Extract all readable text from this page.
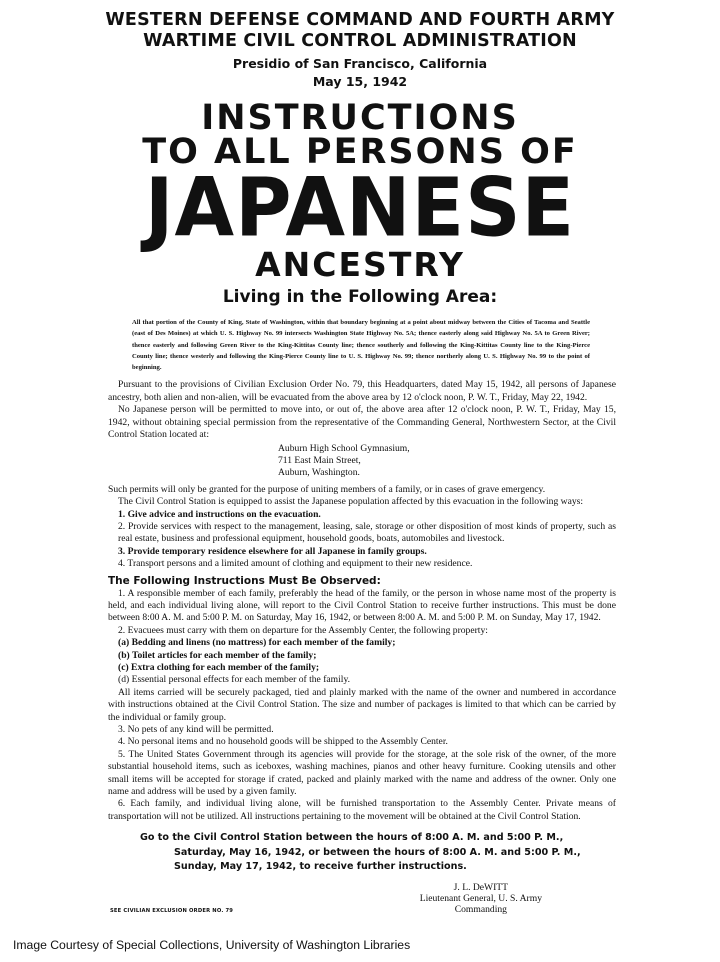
WESTERN DEFENSE COMMAND AND FOURTH ARMY
WARTIME CIVIL CONTROL ADMINISTRATION
Presidio of San Francisco, California
May 15, 1942
INSTRUCTIONS
TO ALL PERSONS OF
JAPANESE
ANCESTRY
Living in the Following Area:
All that portion of the County of King, State of Washington, within that boundary beginning at a point about midway between the Cities of Tacoma and Seattle (east of Des Moines) at which U. S. Highway No. 99 intersects Washington State Highway No. 5A; thence easterly along said Highway No. 5A to Green River; thence easterly and following Green River to the King-Kittitas County line; thence southerly and following the King-Kittitas County line to the King-Pierce County line; thence westerly and following the King-Pierce County line to U. S. Highway No. 99; thence northerly along U. S. Highway No. 99 to the point of beginning.

Pursuant to the provisions of Civilian Exclusion Order No. 79, this Headquarters, dated May 15, 1942, all persons of Japanese ancestry, both alien and non-alien, will be evacuated from the above area by 12 o'clock noon, P. W. T., Friday, May 22, 1942.

No Japanese person will be permitted to move into, or out of, the above area after 12 o'clock noon, P. W. T., Friday, May 15, 1942, without obtaining special permission from the representative of the Commanding General, Northwestern Sector, at the Civil Control Station located at:

Auburn High School Gymnasium,
711 East Main Street,
Auburn, Washington.

Such permits will only be granted for the purpose of uniting members of a family, or in cases of grave emergency.

The Civil Control Station is equipped to assist the Japanese population affected by this evacuation in the following ways:

1. Give advice and instructions on the evacuation.
2. Provide services with respect to the management, leasing, sale, storage or other disposition of most kinds of property, such as real estate, business and professional equipment, household goods, boats, automobiles and livestock.
3. Provide temporary residence elsewhere for all Japanese in family groups.
4. Transport persons and a limited amount of clothing and equipment to their new residence.
The Following Instructions Must Be Observed:

1. A responsible member of each family, preferably the head of the family, or the person in whose name most of the property is held, and each individual living alone, will report to the Civil Control Station to receive further instructions. This must be done between 8:00 A. M. and 5:00 P. M. on Saturday, May 16, 1942, or between 8:00 A. M. and 5:00 P. M. on Sunday, May 17, 1942.

2. Evacuees must carry with them on departure for the Assembly Center, the following property:

(a) Bedding and linens (no mattress) for each member of the family;
(b) Toilet articles for each member of the family;
(c) Extra clothing for each member of the family;
(d) Essential personal effects for each member of the family.

All items carried will be securely packaged, tied and plainly marked with the name of the owner and numbered in accordance with instructions obtained at the Civil Control Station. The size and number of packages is limited to that which can be carried by the individual or family group.

3. No pets of any kind will be permitted.

4. No personal items and no household goods will be shipped to the Assembly Center.

5. The United States Government through its agencies will provide for the storage, at the sole risk of the owner, of the more substantial household items, such as iceboxes, washing machines, pianos and other heavy furniture. Cooking utensils and other small items will be accepted for storage if crated, packed and plainly marked with the name and address of the owner. Only one name and address will be used by a given family.

6. Each family, and individual living alone, will be furnished transportation to the Assembly Center. Private means of transportation will not be utilized. All instructions pertaining to the movement will be obtained at the Civil Control Station.

Go to the Civil Control Station between the hours of 8:00 A. M. and 5:00 P. M.,
Saturday, May 16, 1942, or between the hours of 8:00 A. M. and 5:00 P. M.,
Sunday, May 17, 1942, to receive further instructions.
J. L. DeWITT
Lieutenant General, U. S. Army
Commanding
SEE CIVILIAN EXCLUSION ORDER NO. 79
Image Courtesy of Special Collections, University of Washington Libraries
